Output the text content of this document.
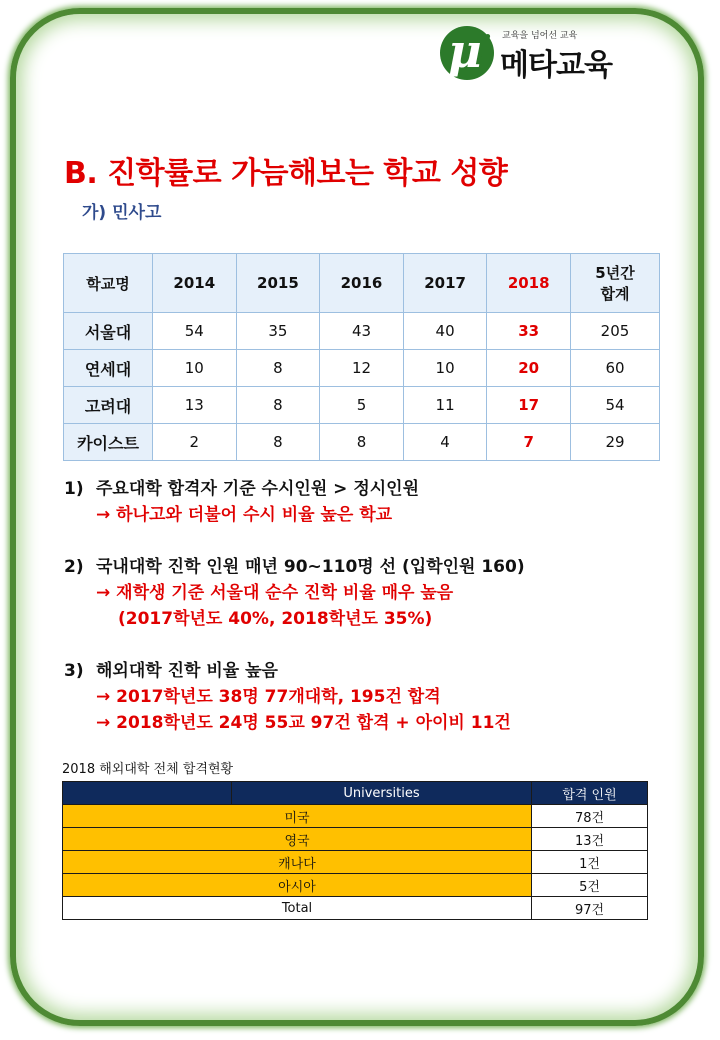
μ
i 교육을 넘어선 교육
메타교육
B. 진학률로 가늠해보는 학교 성향
가) 민사고
학교명	2014	2015	2016	2017	2018	5년간
합계
서울대	54	35	43	40	33	205
연세대	10	8	12	10	20	60
고려대	13	8	5	11	17	54
카이스트	2	8	8	4	7	29
1) 주요대학 합격자 기준 수시인원 > 정시인원
→ 하나고와 더불어 수시 비율 높은 학교
2) 국내대학 진학 인원 매년 90~110명 선 (입학인원 160)
→ 재학생 기준 서울대 순수 진학 비율 매우 높음
(2017학년도 40%, 2018학년도 35%)
3) 해외대학 진학 비율 높음
→ 2017학년도 38명 77개대학, 195건 합격
→ 2018학년도 24명 55교 97건 합격 + 아이비 11건
2018 해외대학 전체 합격현황
	Universities	합격 인원
미국		78건
영국		13건
캐나다		1건
아시아		5건
Total		97건
